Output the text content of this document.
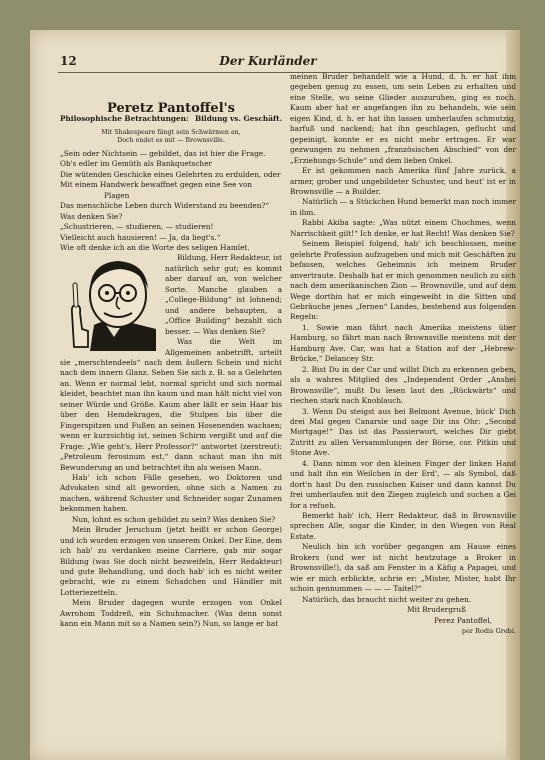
12	Der Kurländer

Peretz Pantoffel's

Philosophische Betrachtungen: Bildung vs. Geschäft.
Mit Shakespeare fängt sein Schwärmen an,
Doch endet es mit — Brownsville.

„Sein oder Nichtsein — gebildet, das ist hier die Frage.

Ob's edler im Gemüth als Bankquetscher

Die wütenden Geschicke eines Gelehrten zu erdulden, oder

Mit einem Handwerk bewaffnet gegen eine See von

Plagen

Das menschliche Leben durch Widerstand zu beenden?“

Was denken Sie?

„Schustrieren, — studieren, — studieren!

Vielleicht auch hausieren! — Ja, da liegt's.“

Wie oft denke ich an die Worte des seligen Hamlet.

Bildung, Herr Redakteur, ist natürlich sehr gut; es kommt aber darauf an, von welcher Sorte. Manche glauben a „College-Bildung“ ist lohnend; und andere behaupten, a „Office Building“ bezahlt sich besser. — Was denken Sie?

Was die Welt im Allgemeinen anbetrifft, urteilt sie „merschtendeels“ nach dem äußern Schein und nicht nach dem innern Glanz. Sehen Sie sich z. B. so a Gelehrten an. Wenn er normal lebt, normal spricht und sich normal kleidet, beachtet man ihn kaum und man hält nicht viel von seiner Würde und Größe. Kaum aber läßt er sein Haar bis über den Hemdekragen, die Stulpen bis über die Fingerspitzen und Fußen an seinen Hosenenden wachsen; wenn er kurzsichtig ist, seinen Schirm vergißt und auf die Frage: „Wie geht's, Herr Professor?“ antwortet (zerstreut): „Petroleum ferosinum est,“ dann schaut man ihn mit Bewunderung an und betrachtet ihn als weisen Mann.

Hab' ich schon Fälle gesehen, wo Doktoren und Advokaten sind alt geworden, ohne sich a Namen zu machen, während Schuster und Schneider sogar Zunamen bekommen haben.

Nun, lohnt es schon gebildet zu sein? Was denken Sie?

Mein Bruder Jeruchum (jetzt heißt er schon George) und ich wurden erzogen von unserem Onkel. Der Eine, dem ich hab' zu verdanken meine Carriere, gab mir sogar Bildung (was Sie doch nicht bezweifeln, Herr Redakteur) und gute Behandlung, und doch hab' ich es nicht weiter gebracht, wie zu einem Schadchen und Händler mit Lotteriezetteln.

Mein Bruder dagegen wurde erzogen von Onkel Awrohom Toddreß, ein Schuhmacher. (Was denn sonst kann ein Mann mit so a Namen sein?) Nun, so lange er hat

meinen Bruder behandelt wie a Hund, d. h. er hat ihm gegeben genug zu essen, um sein Leben zu erhalten und eine Stelle, wo seine Glieder auszuruhen, ging es noch. Kaum aber hat er angefangen ihn zu behandeln, wie sein eigen Kind, d. h. er hat ihn lassen umherlaufen schmutzig, barfuß und nackend; hat ihn geschlagen, geflucht und gepeinigt, konnte er es nicht mehr ertragen. Er war gezwungen zu nehmen „französischen Abschied“ von der „Erziehungs-Schule“ und dem lieben Onkel.

Er ist gekommen nach Amerika fünf Jahre zurück, a armer, grober und ungebildeter Schuster, und heut' ist er in Brownsville — a Builder.

Natürlich — a Stückchen Hund bemerkt man noch immer in ihm.

Rabbi Akiba sagte: „Was nützt einem Chochmes, wenn Narrischkeit gilt!“ Ich denke, er hat Recht! Was denken Sie?

Seinem Beispiel folgend, hab' ich beschlossen, meine gelehrte Profession aufzugeben und mich mit Geschäften zu befassen, welches Geheimnis ich meinem Bruder anvertraute. Deshalb hat er mich genommen neulich zu sich nach dem amerikanischen Zion — Brownsville, und auf dem Wege dorthin hat er mich eingeweiht in die Sitten und Gebräuche jenes „fernen“ Landes, bestehend aus folgenden Regeln:

1. Sowie man fährt nach Amerika meistens über Hamburg, so fährt man nach Brownsville meistens mit der Hamburg Ave. Car, was hat a Station auf der „Hebrew-Brücke,“ Delancey Str.

2. Bist Du in der Car und willst Dich zu erkennen geben, als a wahres Mitglied des „Independent Order „Anshei Brownsville“, mußt Du lesen laut den „Rückwärts“ und riechen stark nach Knoblauch.

3. Wenn Du steigst aus bei Belmont Avenue, bück' Dich drei Mal gegen Canarsie und sage Dir ins Ohr: „Second Mortgage!“ Das ist das Passierwort, welches Dir giebt Zutritt zu allen Versammlungen der Börse, cor. Pitkin und Stone Ave.

4. Dann nimm vor den kleinen Finger der linken Hand und halt ihn ein Weilchen in der Erd', — als Symbol, daß dort'n hast Du den russischen Kaiser und dann kannst Du frei umherlaufen mit den Ziegen zugleich und suchen a Gei for a refueh.

Bemerkt hab' ich, Herr Redakteur, daß in Brownsville sprechen Alle, sogar die Kinder, in den Wiegen von Real Estate.

Neulich bin ich vorüber gegangen am Hause eines Brokers (und wer ist nicht heutzutage a Broker in Brownsville!), da saß am Fenster in a Käfig a Papagei, und wie er mich erblickte, schrie er: „Mister, Mister, habt Ihr schoin gennummen — — — Taitel?“

Natürlich, das braucht nicht weiter zu gehen.

Mit Brudergruß

Perez Pantoffel,

per Rodis Grebi.
